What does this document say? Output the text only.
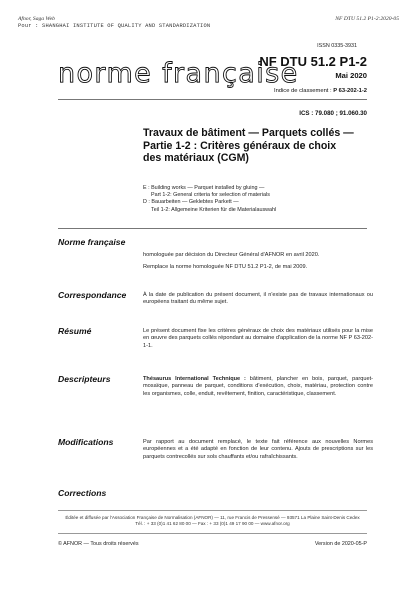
Afnor, Saga Web
Pour : SHANGHAI INSTITUTE OF QUALITY AND STANDARDIZATION
NF DTU 51.2 P1-2:2020-05
ISSN 0335-3931
norme française
NF DTU 51.2 P1-2
Mai 2020
Indice de classement : P 63-202-1-2
ICS : 79.080 ; 91.060.30
Travaux de bâtiment — Parquets collés —
Partie 1-2 : Critères généraux de choix
des matériaux (CGM)
E : Building works — Parquet installed by gluing —
Part 1-2: General criteria for selection of materials
D : Bauarbeiten — Geklebtes Parkett —
Teil 1-2: Allgemeine Kriterien für die Materialauswahl
Norme française

homologuée par décision du Directeur Général d'AFNOR en avril 2020.

Remplace la norme homologuée NF DTU 51.2 P1-2, de mai 2009.

Correspondance	À la date de publication du présent document, il n'existe pas de travaux internationaux ou européens traitant du même sujet.

Résumé	Le présent document fixe les critères généraux de choix des matériaux utilisés pour la mise en œuvre des parquets collés répondant au domaine d'application de la norme NF P 63-202-1-1.

Descripteurs	Thésaurus International Technique : bâtiment, plancher en bois, parquet, parquet-mosaïque, panneau de parquet, conditions d'exécution, choix, matériau, protection contre les organismes, colle, enduit, revêtement, finition, caractéristique, classement.

Modifications	Par rapport au document remplacé, le texte fait référence aux nouvelles Normes européennes et a été adapté en fonction de leur contenu. Ajouts de prescriptions sur les parquets contrecollés sur sols chauffants et/ou rafraîchissants.

Corrections
Éditée et diffusée par l'Association Française de Normalisation (AFNOR) — 11, rue Francis de Pressensé — 93571 La Plaine Saint-Denis Cedex
Tél. : + 33 (0)1 41 62 80 00 — Fax : + 33 (0)1 49 17 90 00 — www.afnor.org
© AFNOR — Tous droits réservés	Version de 2020-05-P
